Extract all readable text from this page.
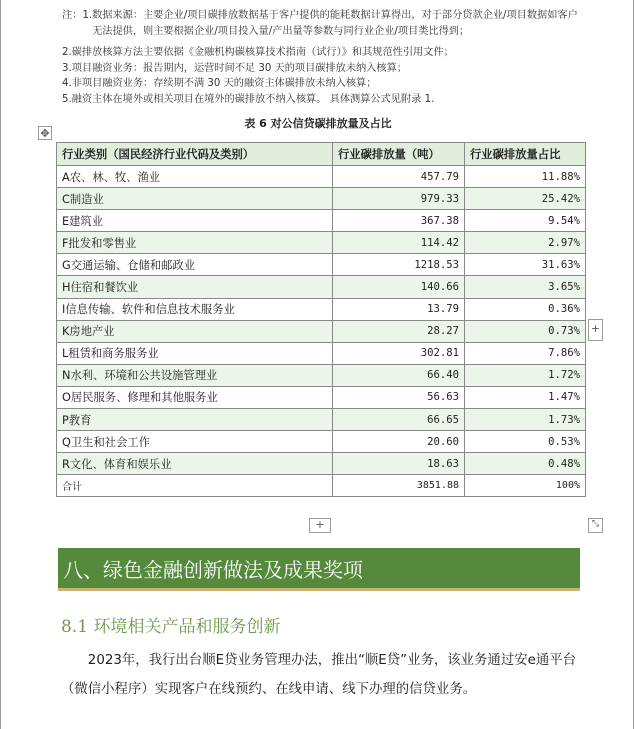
注： 1. 数据来源：主要企业/项目碳排放数据基于客户提供的能耗数据计算得出，对于部分贷款企业/项目数据如客户无法提供，则主要根据企业/项目投入量/产出量等参数与同行业企业/项目类比得到；
2. 碳排放核算方法主要依据《金融机构碳核算技术指南（试行）》和其规范性引用文件；
3. 项目融资业务：报告期内，运营时间不足 30 天的项目碳排放未纳入核算；
4. 非项目融资业务：存续期不满 30 天的融资主体碳排放未纳入核算；
5. 融资主体在境外或相关项目在境外的碳排放不纳入核算。 具体测算公式见附录 1.
表 6 对公信贷碳排放量及占比
✥
行业类别（国民经济行业代码及类别）	行业碳排放量（吨）	行业碳排放量占比
A农、林、牧、渔业	457.79	11.88%
C制造业	979.33	25.42%
E建筑业	367.38	9.54%
F批发和零售业	114.42	2.97%
G交通运输、仓储和邮政业	1218.53	31.63%
H住宿和餐饮业	140.66	3.65%
I信息传输、软件和信息技术服务业	13.79	0.36%
K房地产业	28.27	0.73%
L租赁和商务服务业	302.81	7.86%
N水利、环境和公共设施管理业	66.40	1.72%
O居民服务、修理和其他服务业	56.63	1.47%
P教育	66.65	1.73%
Q卫生和社会工作	20.60	0.53%
R文化、体育和娱乐业	18.63	0.48%
合计	3851.88	100%
+
+
⤡
八、绿色金融创新做法及成果奖项
8.1 环境相关产品和服务创新
2023年，我行出台顺E贷业务管理办法，推出“顺E贷”业务，该业务通过安e通平台（微信小程序）实现客户在线预约、在线申请、线下办理的信贷业务。
